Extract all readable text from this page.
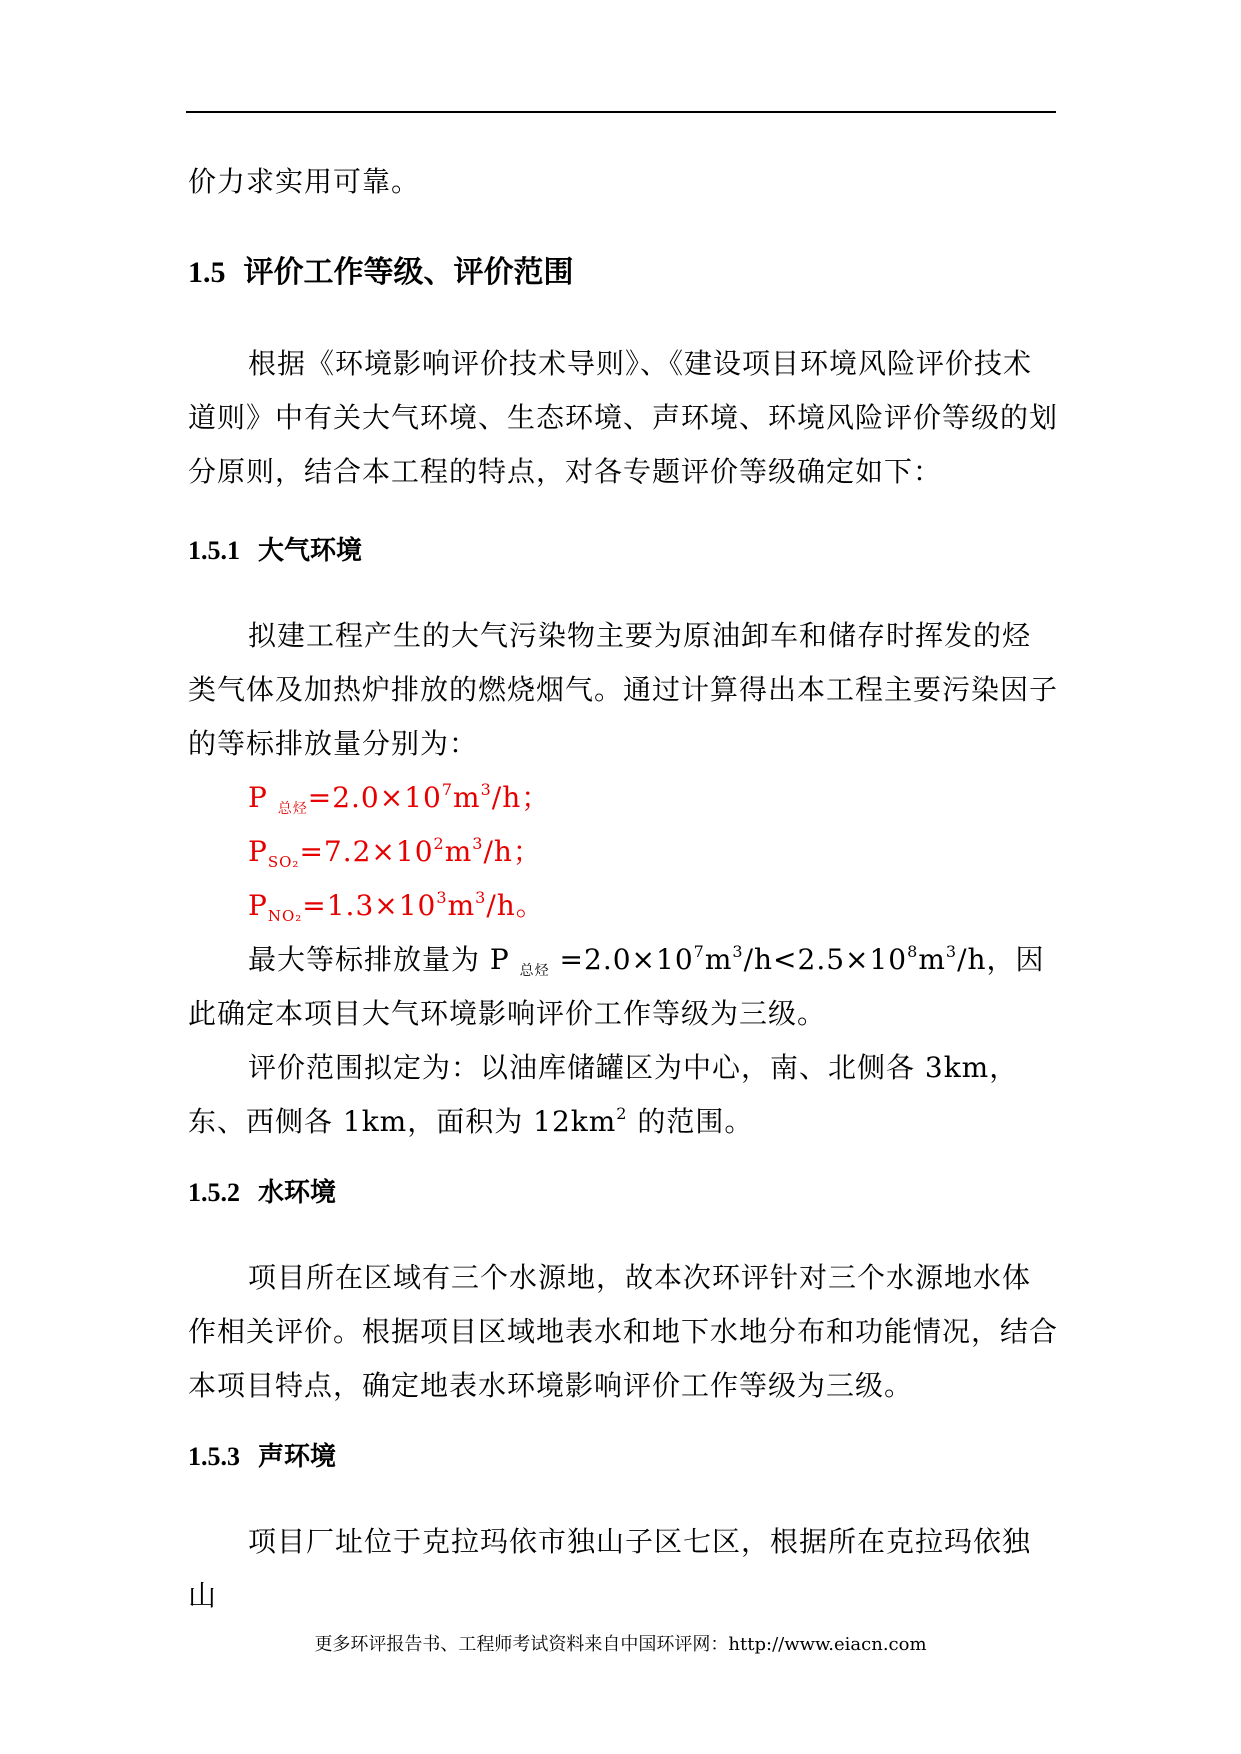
价力求实用可靠。

1.5 评价工作等级、评价范围

根据《环境影响评价技术导则》、《建设项目环境风险评价技术道则》中有关大气环境、生态环境、声环境、环境风险评价等级的划分原则，结合本工程的特点，对各专题评价等级确定如下：

1.5.1 大气环境

拟建工程产生的大气污染物主要为原油卸车和储存时挥发的烃类气体及加热炉排放的燃烧烟气。通过计算得出本工程主要污染因子的等标排放量分别为：

P $_{总烃}=2.0\times 10^7m^3/h$；

$P_{SO_2}=7.2\times 10^2m^3/h$；

$P_{NO_2}=1.3\times 10^3m^3/h$。

最大等标排放量为 P $_{总烃} =2.0\times 10^7m^3/h<2.5\times 10^8m^3/h$，因此确定本项目大气环境影响评价工作等级为三级。

评价范围拟定为：以油库储罐区为中心，南、北侧各 3km，东、西侧各 1km，面积为 $12km^2$ 的范围。

1.5.2 水环境

项目所在区域有三个水源地，故本次环评针对三个水源地水体作相关评价。根据项目区域地表水和地下水地分布和功能情况，结合本项目特点，确定地表水环境影响评价工作等级为三级。

1.5.3 声环境

项目厂址位于克拉玛依市独山子区七区，根据所在克拉玛依独山

更多环评报告书、工程师考试资料来自中国环评网：http://www.eiacn.com
